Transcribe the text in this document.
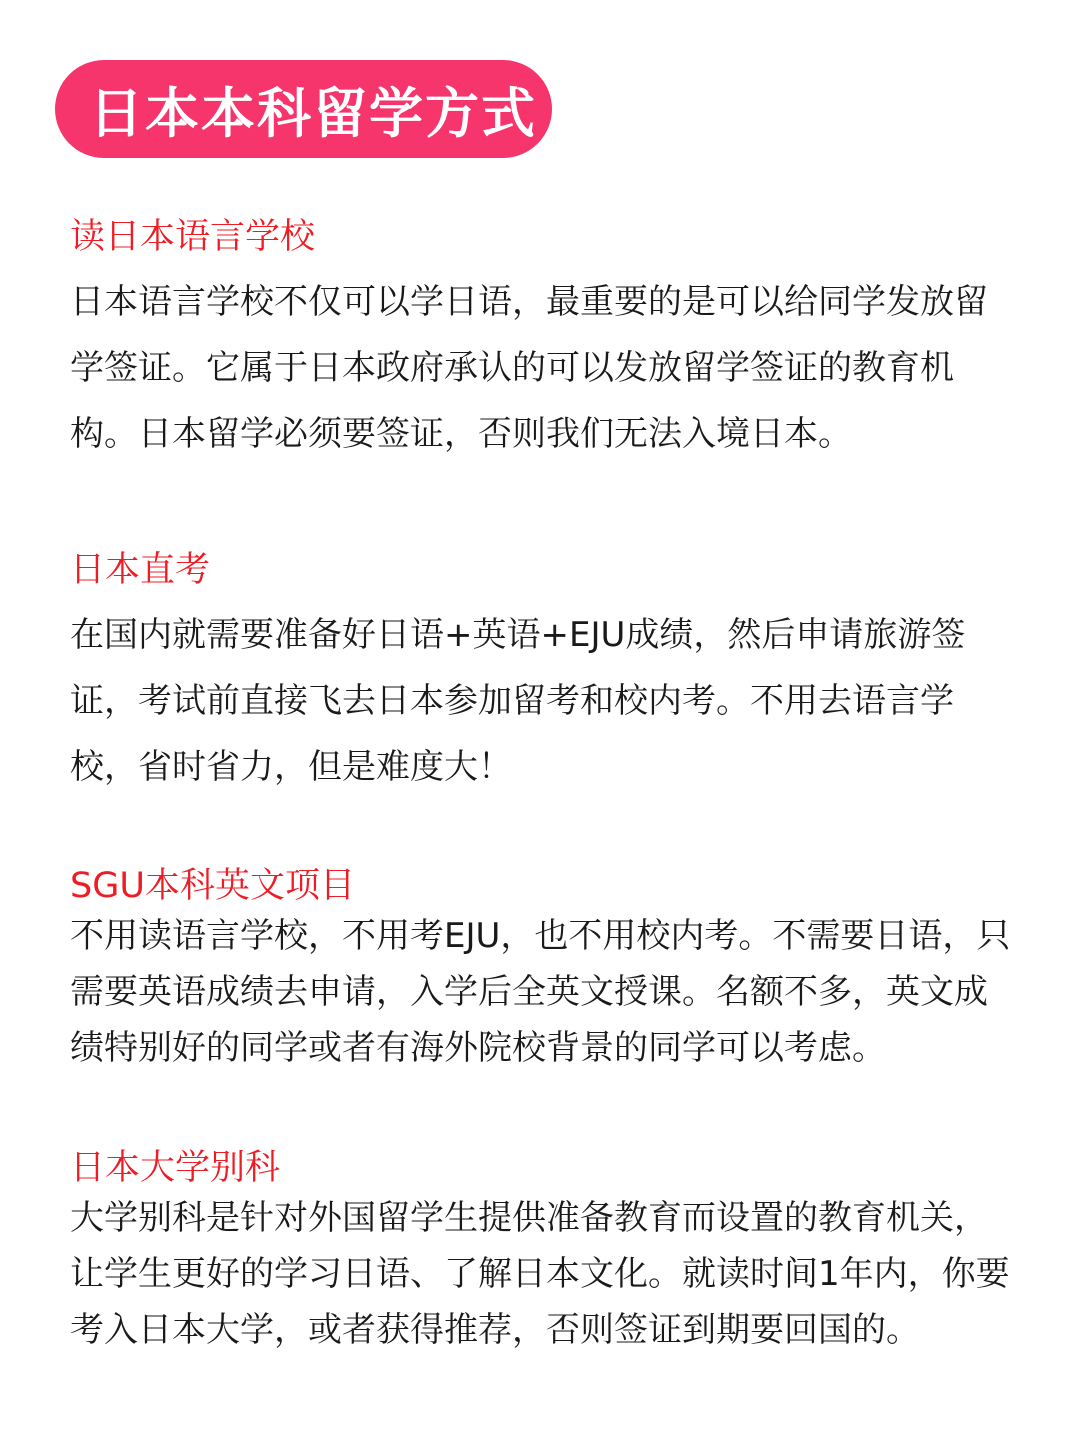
日本本科留学方式
读日本语言学校
日本语言学校不仅可以学日语，最重要的是可以给同学发放留
学签证。它属于日本政府承认的可以发放留学签证的教育机
构。日本留学必须要签证，否则我们无法入境日本。
日本直考
在国内就需要准备好日语+英语+EJU成绩，然后申请旅游签
证，考试前直接飞去日本参加留考和校内考。不用去语言学
校，省时省力，但是难度大！
SGU本科英文项目
不用读语言学校，不用考EJU，也不用校内考。不需要日语，只
需要英语成绩去申请，入学后全英文授课。名额不多，英文成
绩特别好的同学或者有海外院校背景的同学可以考虑。
日本大学别科
大学别科是针对外国留学生提供准备教育而设置的教育机关，
让学生更好的学习日语、了解日本文化。就读时间1年内，你要
考入日本大学，或者获得推荐，否则签证到期要回国的。
